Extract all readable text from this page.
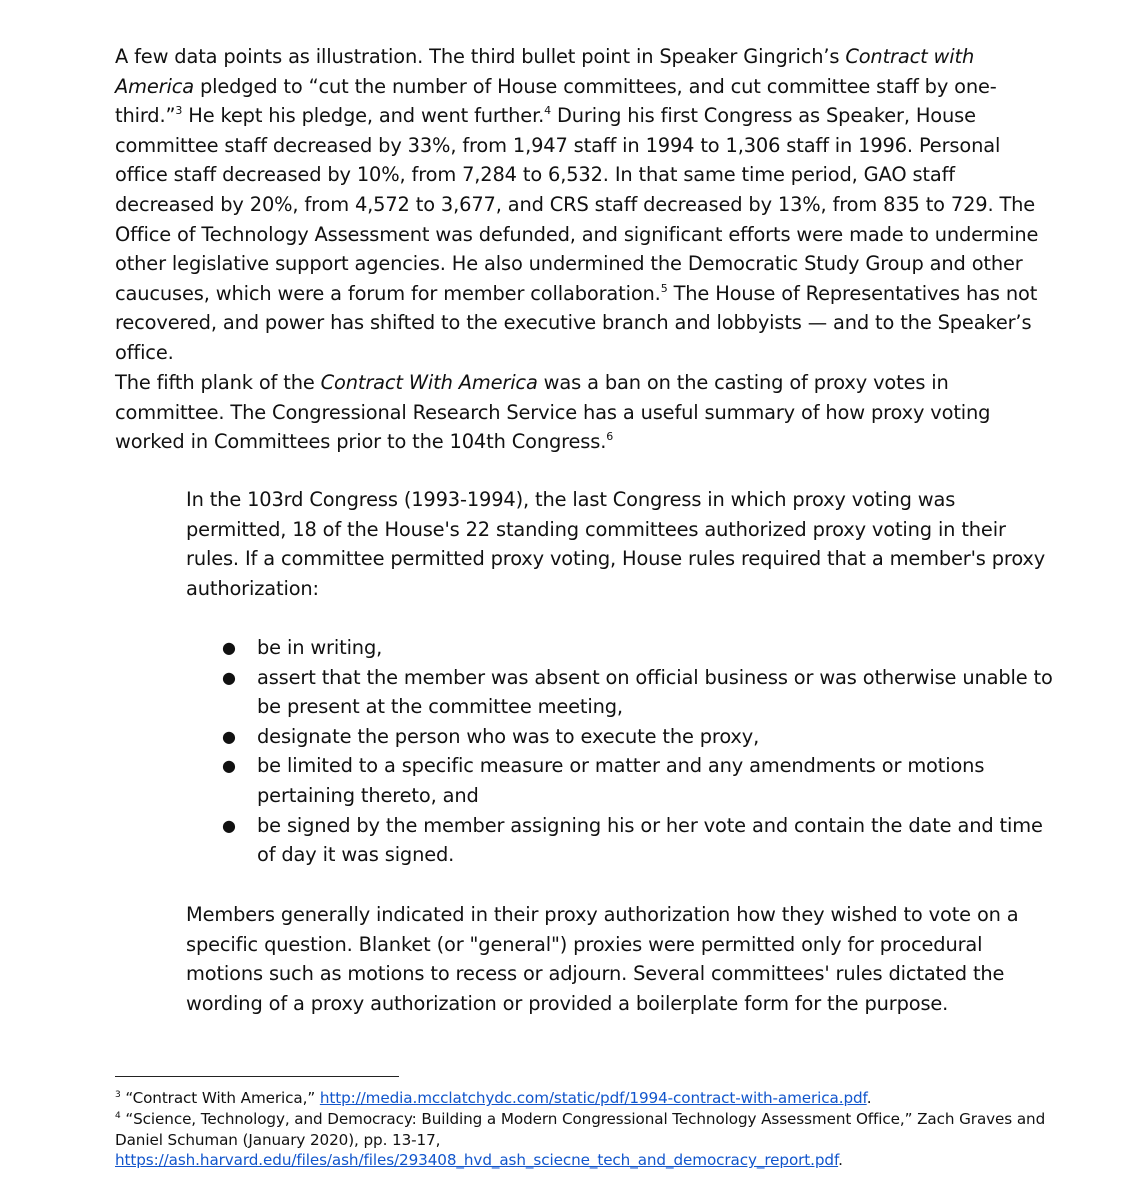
A few data points as illustration. The third bullet point in Speaker Gingrich’s Contract with America pledged to “cut the number of House committees, and cut committee staff by one-third.”$^3$ He kept his pledge, and went further.$^4$ During his first Congress as Speaker, House committee staff decreased by 33%, from 1,947 staff in 1994 to 1,306 staff in 1996. Personal office staff decreased by 10%, from 7,284 to 6,532. In that same time period, GAO staff decreased by 20%, from 4,572 to 3,677, and CRS staff decreased by 13%, from 835 to 729. The Office of Technology Assessment was defunded, and significant efforts were made to undermine other legislative support agencies. He also undermined the Democratic Study Group and other caucuses, which were a forum for member collaboration.$^5$ The House of Representatives has not recovered, and power has shifted to the executive branch and lobbyists — and to the Speaker’s office.

The fifth plank of the Contract With America was a ban on the casting of proxy votes in committee. The Congressional Research Service has a useful summary of how proxy voting worked in Committees prior to the 104th Congress.$^6$

In the 103rd Congress (1993-1994), the last Congress in which proxy voting was permitted, 18 of the House's 22 standing committees authorized proxy voting in their rules. If a committee permitted proxy voting, House rules required that a member's proxy authorization:

● be in writing,
● assert that the member was absent on official business or was otherwise unable to be present at the committee meeting,
● designate the person who was to execute the proxy,
● be limited to a specific measure or matter and any amendments or motions pertaining thereto, and
● be signed by the member assigning his or her vote and contain the date and time of day it was signed.

Members generally indicated in their proxy authorization how they wished to vote on a specific question. Blanket (or "general") proxies were permitted only for procedural motions such as motions to recess or adjourn. Several committees' rules dictated the wording of a proxy authorization or provided a boilerplate form for the purpose.

$^3$ “Contract With America,” http://media.mcclatchydc.com/static/pdf/1994-contract-with-america.pdf.

$^4$ “Science, Technology, and Democracy: Building a Modern Congressional Technology Assessment Office,” Zach Graves and Daniel Schuman (January 2020), pp. 13-17, https://ash.harvard.edu/files/ash/files/293408_hvd_ash_sciecne_tech_and_democracy_report.pdf.
